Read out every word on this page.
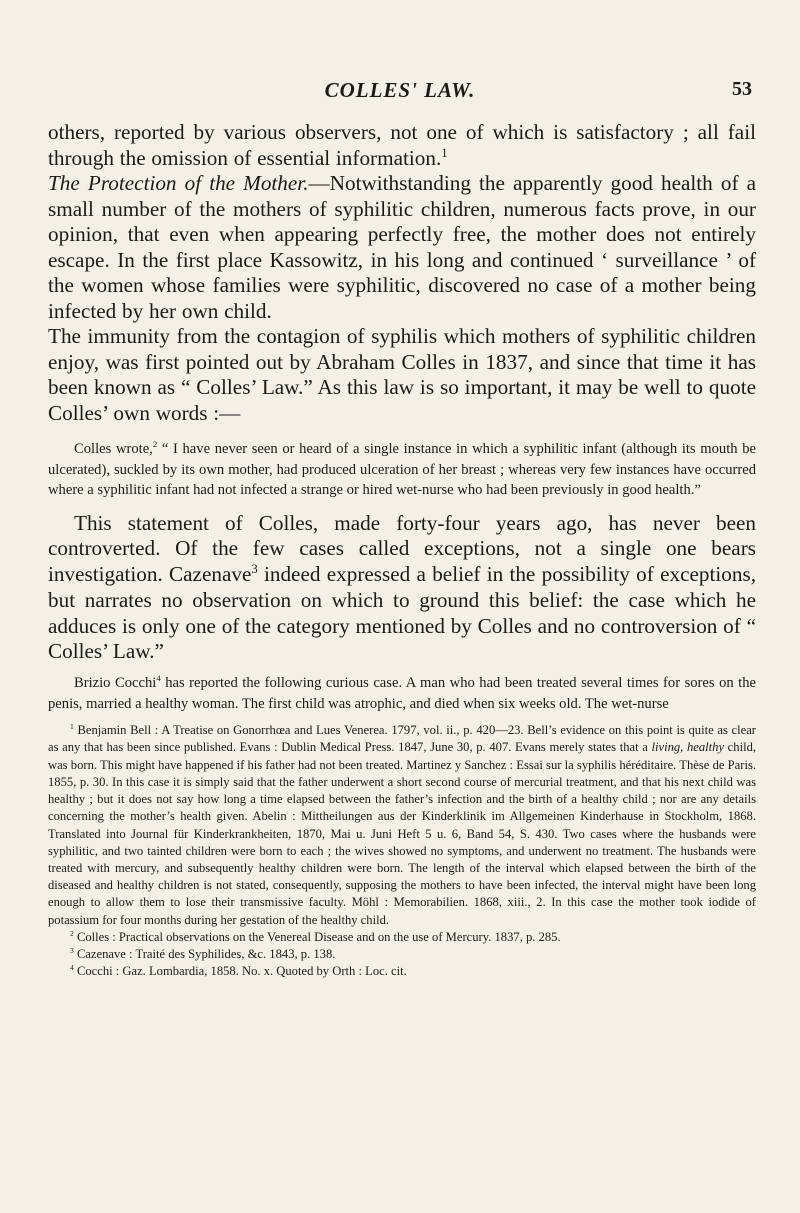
COLLES' LAW.	53

others, reported by various observers, not one of which is satisfactory ; all fail through the omission of essential information.$^1$

The Protection of the Mother.—Notwithstanding the apparently good health of a small number of the mothers of syphilitic children, numerous facts prove, in our opinion, that even when appearing perfectly free, the mother does not entirely escape. In the first place Kassowitz, in his long and continued ‘ surveillance ’ of the women whose families were syphilitic, discovered no case of a mother being infected by her own child.

The immunity from the contagion of syphilis which mothers of syphilitic children enjoy, was first pointed out by Abraham Colles in 1837, and since that time it has been known as “ Colles’ Law.” As this law is so important, it may be well to quote Colles’ own words :—

Colles wrote,$^2$ “ I have never seen or heard of a single instance in which a syphilitic infant (although its mouth be ulcerated), suckled by its own mother, had produced ulceration of her breast ; whereas very few instances have occurred where a syphilitic infant had not infected a strange or hired wet-nurse who had been previously in good health.”

This statement of Colles, made forty-four years ago, has never been controverted. Of the few cases called exceptions, not a single one bears investigation. Cazenave$^3$ indeed expressed a belief in the possibility of exceptions, but narrates no observation on which to ground this belief: the case which he adduces is only one of the category mentioned by Colles and no controversion of “ Colles’ Law.”

Brizio Cocchi$^4$ has reported the following curious case. A man who had been treated several times for sores on the penis, married a healthy woman. The first child was atrophic, and died when six weeks old. The wet-nurse

$^1$ Benjamin Bell : A Treatise on Gonorrhœa and Lues Venerea. 1797, vol. ii., p. 420—23. Bell’s evidence on this point is quite as clear as any that has been since published. Evans : Dublin Medical Press. 1847, June 30, p. 407. Evans merely states that a living, healthy child, was born. This might have happened if his father had not been treated. Martinez y Sanchez : Essai sur la syphilis héréditaire. Thèse de Paris. 1855, p. 30. In this case it is simply said that the father underwent a short second course of mercurial treatment, and that his next child was healthy ; but it does not say how long a time elapsed between the father’s infection and the birth of a healthy child ; nor are any details concerning the mother’s health given. Abelin : Mittheilungen aus der Kinderklinik im Allgemeinen Kinderhause in Stockholm, 1868. Translated into Journal für Kinderkrankheiten, 1870, Mai u. Juni Heft 5 u. 6, Band 54, S. 430. Two cases where the husbands were syphilitic, and two tainted children were born to each ; the wives showed no symptoms, and underwent no treatment. The husbands were treated with mercury, and subsequently healthy children were born. The length of the interval which elapsed between the birth of the diseased and healthy children is not stated, consequently, supposing the mothers to have been infected, the interval might have been long enough to allow them to lose their transmissive faculty. Möhl : Memorabilien. 1868, xiii., 2. In this case the mother took iodide of potassium for four months during her gestation of the healthy child.

$^2$ Colles : Practical observations on the Venereal Disease and on the use of Mercury. 1837, p. 285.

$^3$ Cazenave : Traité des Syphilides, &c. 1843, p. 138.

$^4$ Cocchi : Gaz. Lombardia, 1858. No. x. Quoted by Orth : Loc. cit.
